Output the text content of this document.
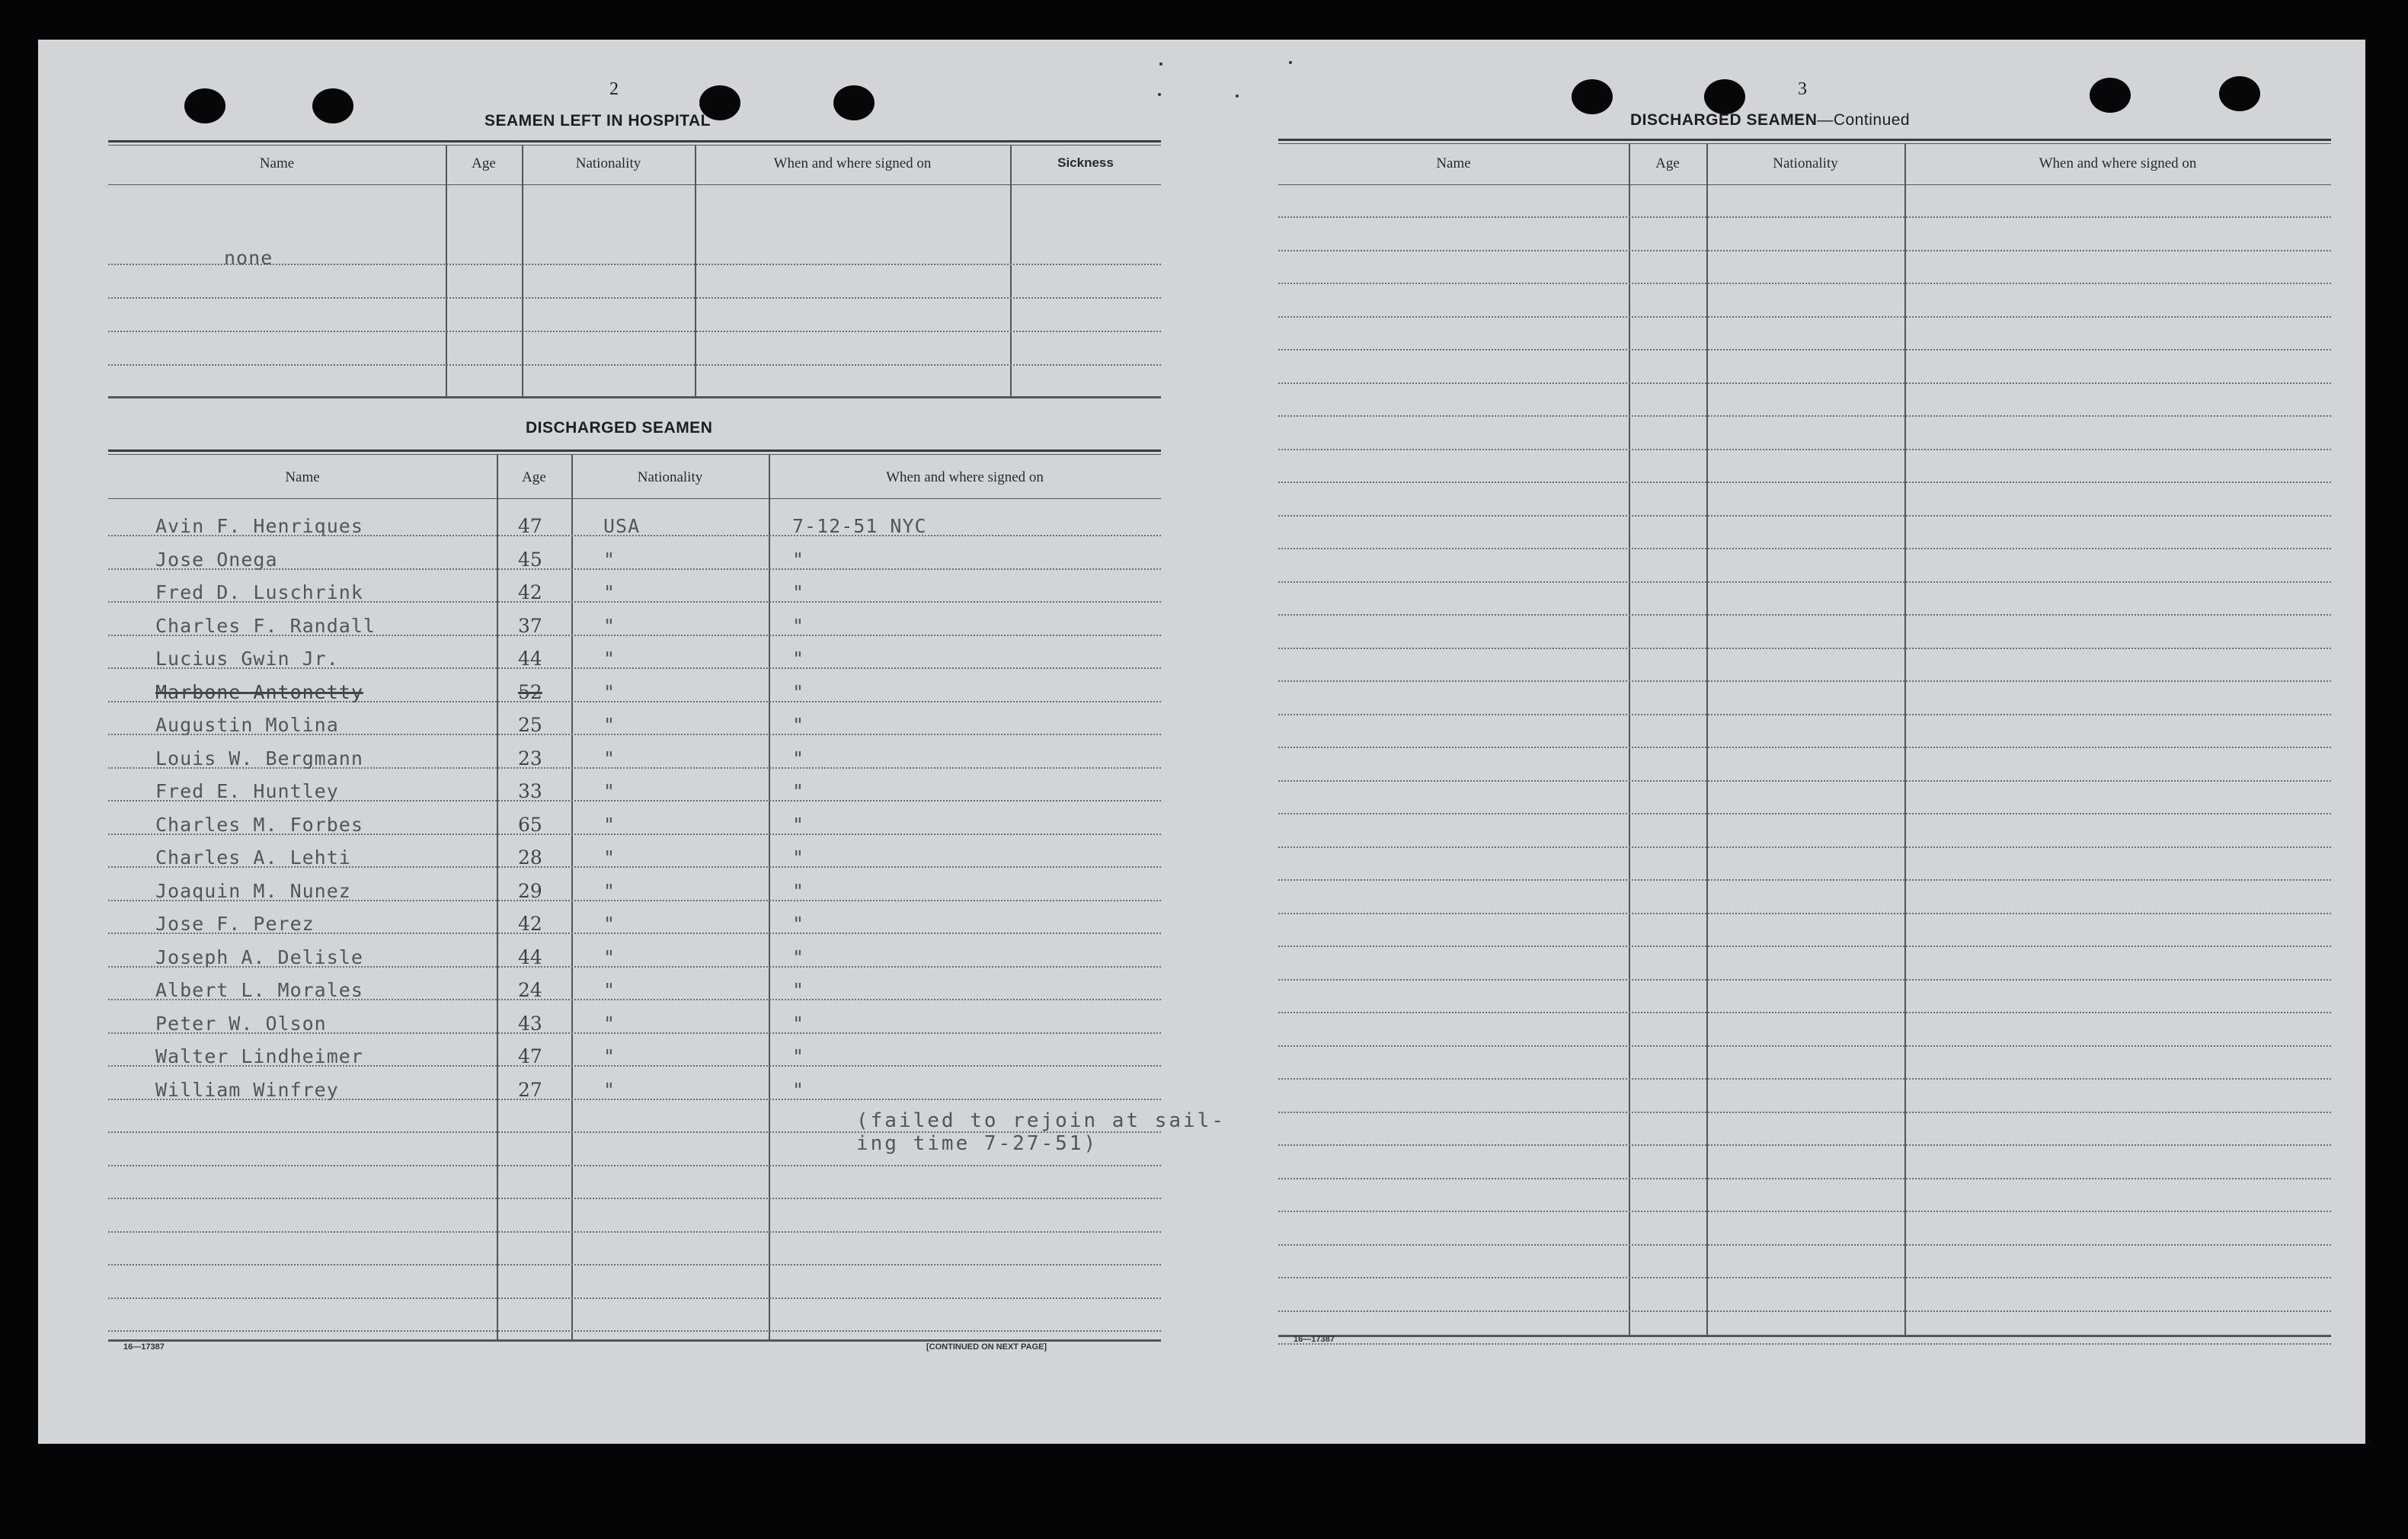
2
SEAMEN LEFT IN HOSPITAL
Name	Age	Nationality	When and where signed on	Sickness
none
DISCHARGED SEAMEN
Name	Age	Nationality	When and where signed on
Avin F. Henriques	47	USA	7-12-51 NYC
Jose Onega	45	"	"
Fred D. Luschrink	42	"	"
Charles F. Randall	37	"	"
Lucius Gwin Jr.	44	"	"
Marbone Antonetty	52	"	"
Augustin Molina	25	"	"
Louis W. Bergmann	23	"	"
Fred E. Huntley	33	"	"
Charles M. Forbes	65	"	"
Charles A. Lehti	28	"	"
Joaquin M. Nunez	29	"	"
Jose F. Perez	42	"	"
Joseph A. Delisle	44	"	"
Albert L. Morales	24	"	"
Peter W. Olson	43	"	"
Walter Lindheimer	47	"	"
William Winfrey	27	"	"
(failed to rejoin at sail-
ing time 7-27-51)
16—17387	[CONTINUED ON NEXT PAGE]
3
DISCHARGED SEAMEN—Continued
Name	Age	Nationality	When and where signed on
16—17387
